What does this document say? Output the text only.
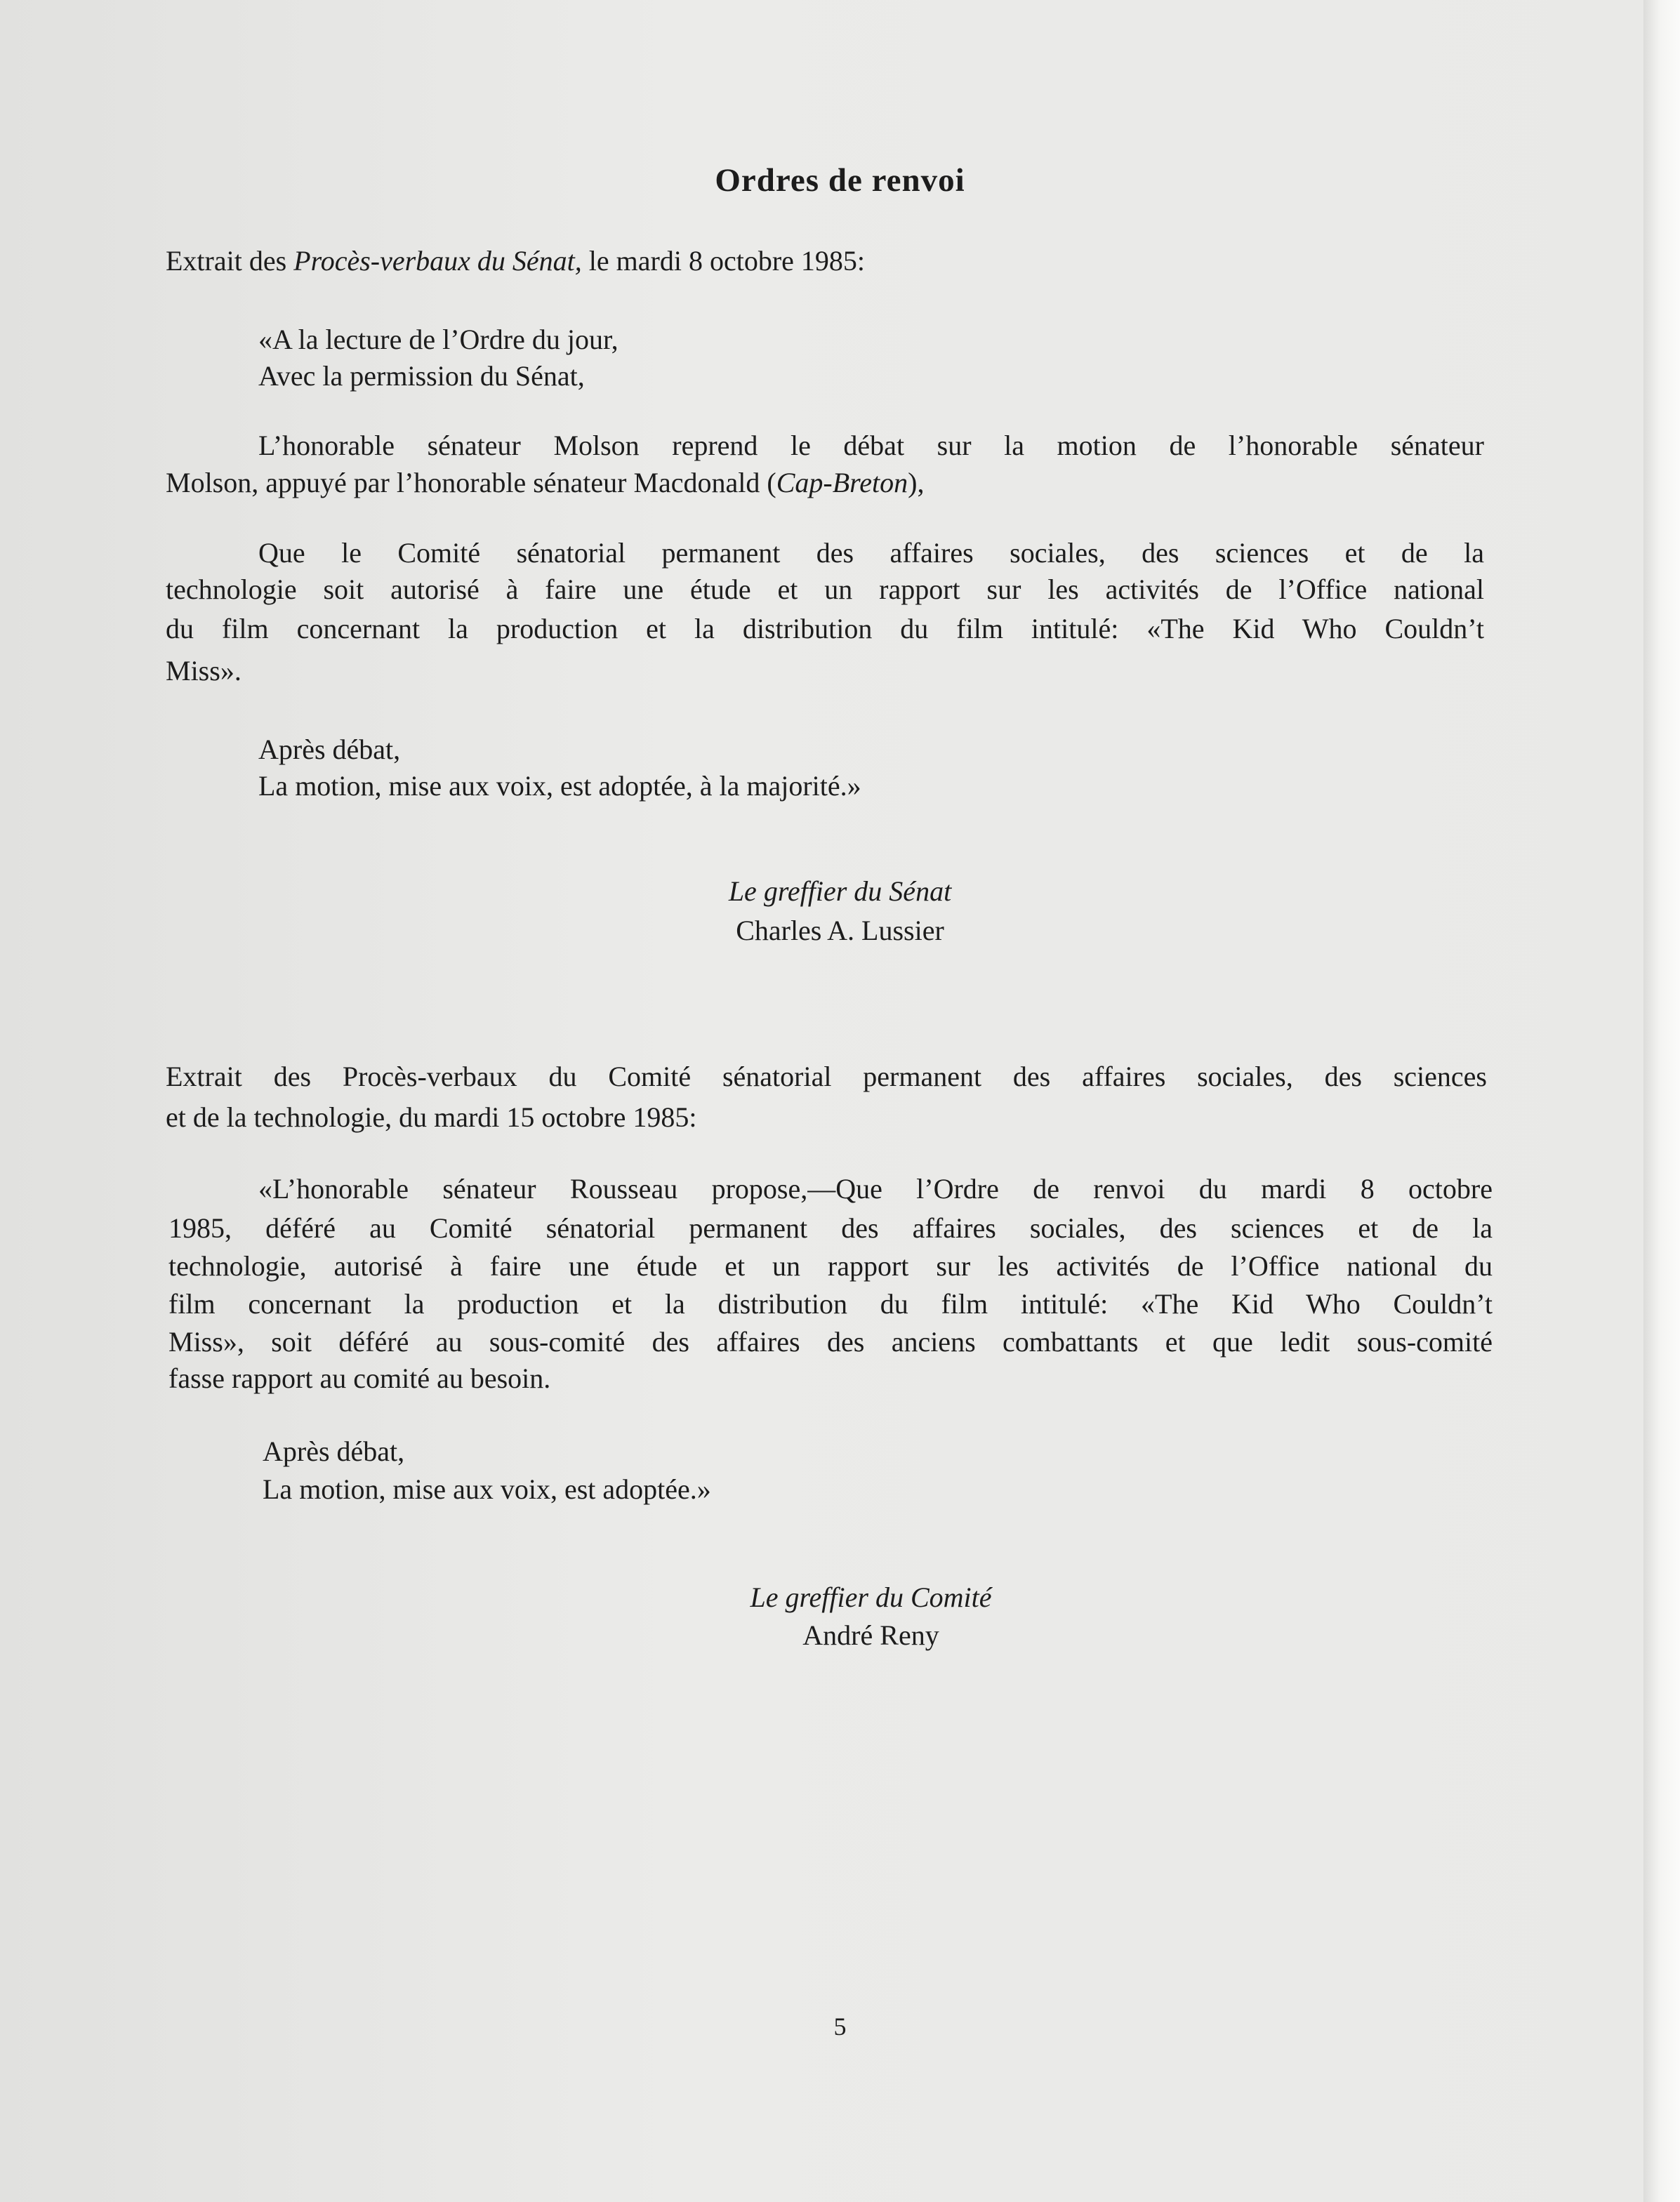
Ordres de renvoi

Extrait des Procès-verbaux du Sénat, le mardi 8 octobre 1985:

«A la lecture de l’Ordre du jour,

Avec la permission du Sénat,

L’honorable sénateur Molson reprend le débat sur la motion de l’honorable sénateur

Molson, appuyé par l’honorable sénateur Macdonald (Cap-Breton),

Que le Comité sénatorial permanent des affaires sociales, des sciences et de la

technologie soit autorisé à faire une étude et un rapport sur les activités de l’Office national

du film concernant la production et la distribution du film intitulé: «The Kid Who Couldn’t

Miss».

Après débat,

La motion, mise aux voix, est adoptée, à la majorité.»

Le greffier du Sénat

Charles A. Lussier

Extrait des Procès-verbaux du Comité sénatorial permanent des affaires sociales, des sciences

et de la technologie, du mardi 15 octobre 1985:

«L’honorable sénateur Rousseau propose,—Que l’Ordre de renvoi du mardi 8 octobre

1985, déféré au Comité sénatorial permanent des affaires sociales, des sciences et de la

technologie, autorisé à faire une étude et un rapport sur les activités de l’Office national du

film concernant la production et la distribution du film intitulé: «The Kid Who Couldn’t

Miss», soit déféré au sous-comité des affaires des anciens combattants et que ledit sous-comité

fasse rapport au comité au besoin.

Après débat,

La motion, mise aux voix, est adoptée.»

Le greffier du Comité

André Reny

5
